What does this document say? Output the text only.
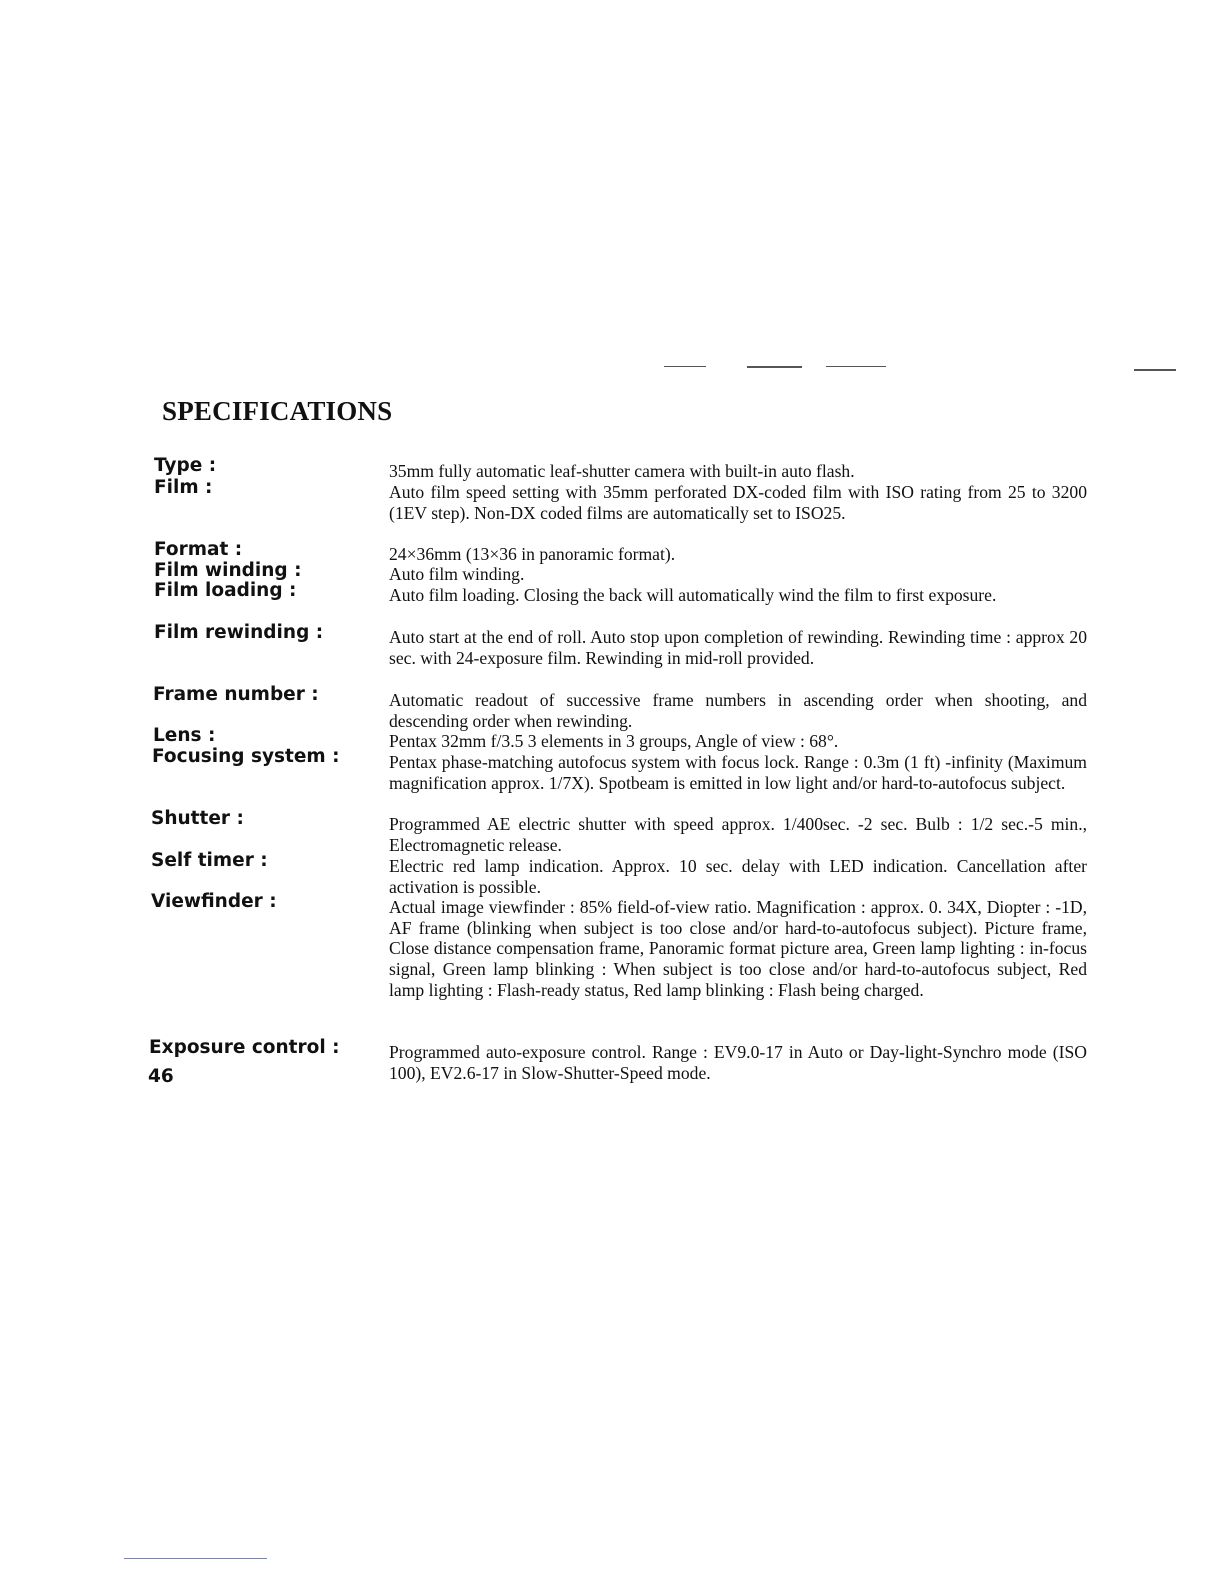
SPECIFICATIONS
Type :	35mm fully automatic leaf-shutter camera with built-in auto flash.

Film :	Auto film speed setting with 35mm perforated DX-coded film with ISO rating from 25 to 3200 (1EV step). Non-DX coded films are automatically set to ISO25.

Format :	24×36mm (13×36 in panoramic format).

Film winding :	Auto film winding.

Film loading :	Auto film loading. Closing the back will automatically wind the film to first exposure.

Film rewinding :	Auto start at the end of roll. Auto stop upon completion of rewinding. Rewinding time : approx 20 sec. with 24-exposure film. Rewinding in mid-roll provided.

Frame number :	Automatic readout of successive frame numbers in ascending order when shooting, and descending order when rewinding.

Lens :	Pentax 32mm f/3.5 3 elements in 3 groups, Angle of view : 68°.

Focusing system :	Pentax phase-matching autofocus system with focus lock. Range : 0.3m (1 ft) -infinity (Maximum magnification approx. 1/7X). Spotbeam is emitted in low light and/or hard-to-autofocus subject.

Shutter :	Programmed AE electric shutter with speed approx. 1/400sec. -2 sec. Bulb : 1/2 sec.-5 min., Electromagnetic release.

Self timer :	Electric red lamp indication. Approx. 10 sec. delay with LED indication. Cancellation after activation is possible.

Viewfinder :	Actual image viewfinder : 85% field-of-view ratio. Magnification : approx. 0. 34X, Diopter : -1D, AF frame (blinking when subject is too close and/or hard-to-autofocus subject). Picture frame, Close distance compensation frame, Panoramic format picture area, Green lamp lighting : in-focus signal, Green lamp blinking : When subject is too close and/or hard-to-autofocus subject, Red lamp lighting : Flash-ready status, Red lamp blinking : Flash being charged.

Exposure control :	Programmed auto-exposure control. Range : EV9.0-17 in Auto or Day-light-Synchro mode (ISO 100), EV2.6-17 in Slow-Shutter-Speed mode.

46
